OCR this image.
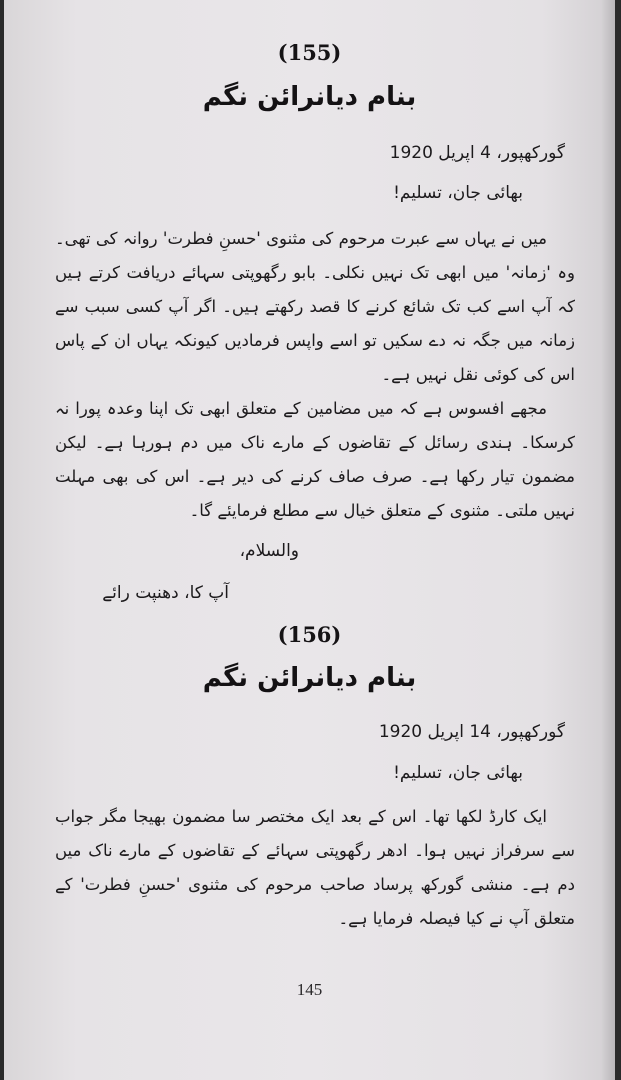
(155)
بنام دیانرائن نگم
گورکھپور، 4 اپریل 1920
بھائی جان، تسلیم!

میں نے یہاں سے عبرت مرحوم کی مثنوی 'حسنِ فطرت' روانہ کی تھی۔ وہ 'زمانہ' میں ابھی تک نہیں نکلی۔ بابو رگھوپتی سہائے دریافت کرتے ہیں کہ آپ اسے کب تک شائع کرنے کا قصد رکھتے ہیں۔ اگر آپ کسی سبب سے زمانہ میں جگہ نہ دے سکیں تو اسے واپس فرمادیں کیونکہ یہاں ان کے پاس اس کی کوئی نقل نہیں ہے۔

مجھے افسوس ہے کہ میں مضامین کے متعلق ابھی تک اپنا وعدہ پورا نہ کرسکا۔ ہندی رسائل کے تقاضوں کے مارے ناک میں دم ہورہا ہے۔ لیکن مضمون تیار رکھا ہے۔ صرف صاف کرنے کی دیر ہے۔ اس کی بھی مہلت نہیں ملتی۔ مثنوی کے متعلق خیال سے مطلع فرمایئے گا۔

والسلام،
آپ کا، دھنپت رائے
(156)
بنام دیانرائن نگم
گورکھپور، 14 اپریل 1920
بھائی جان، تسلیم!

ایک کارڈ لکھا تھا۔ اس کے بعد ایک مختصر سا مضمون بھیجا مگر جواب سے سرفراز نہیں ہوا۔ ادھر رگھوپتی سہائے کے تقاضوں کے مارے ناک میں دم ہے۔ منشی گورکھ پرساد صاحب مرحوم کی مثنوی 'حسنِ فطرت' کے متعلق آپ نے کیا فیصلہ فرمایا ہے۔

145
